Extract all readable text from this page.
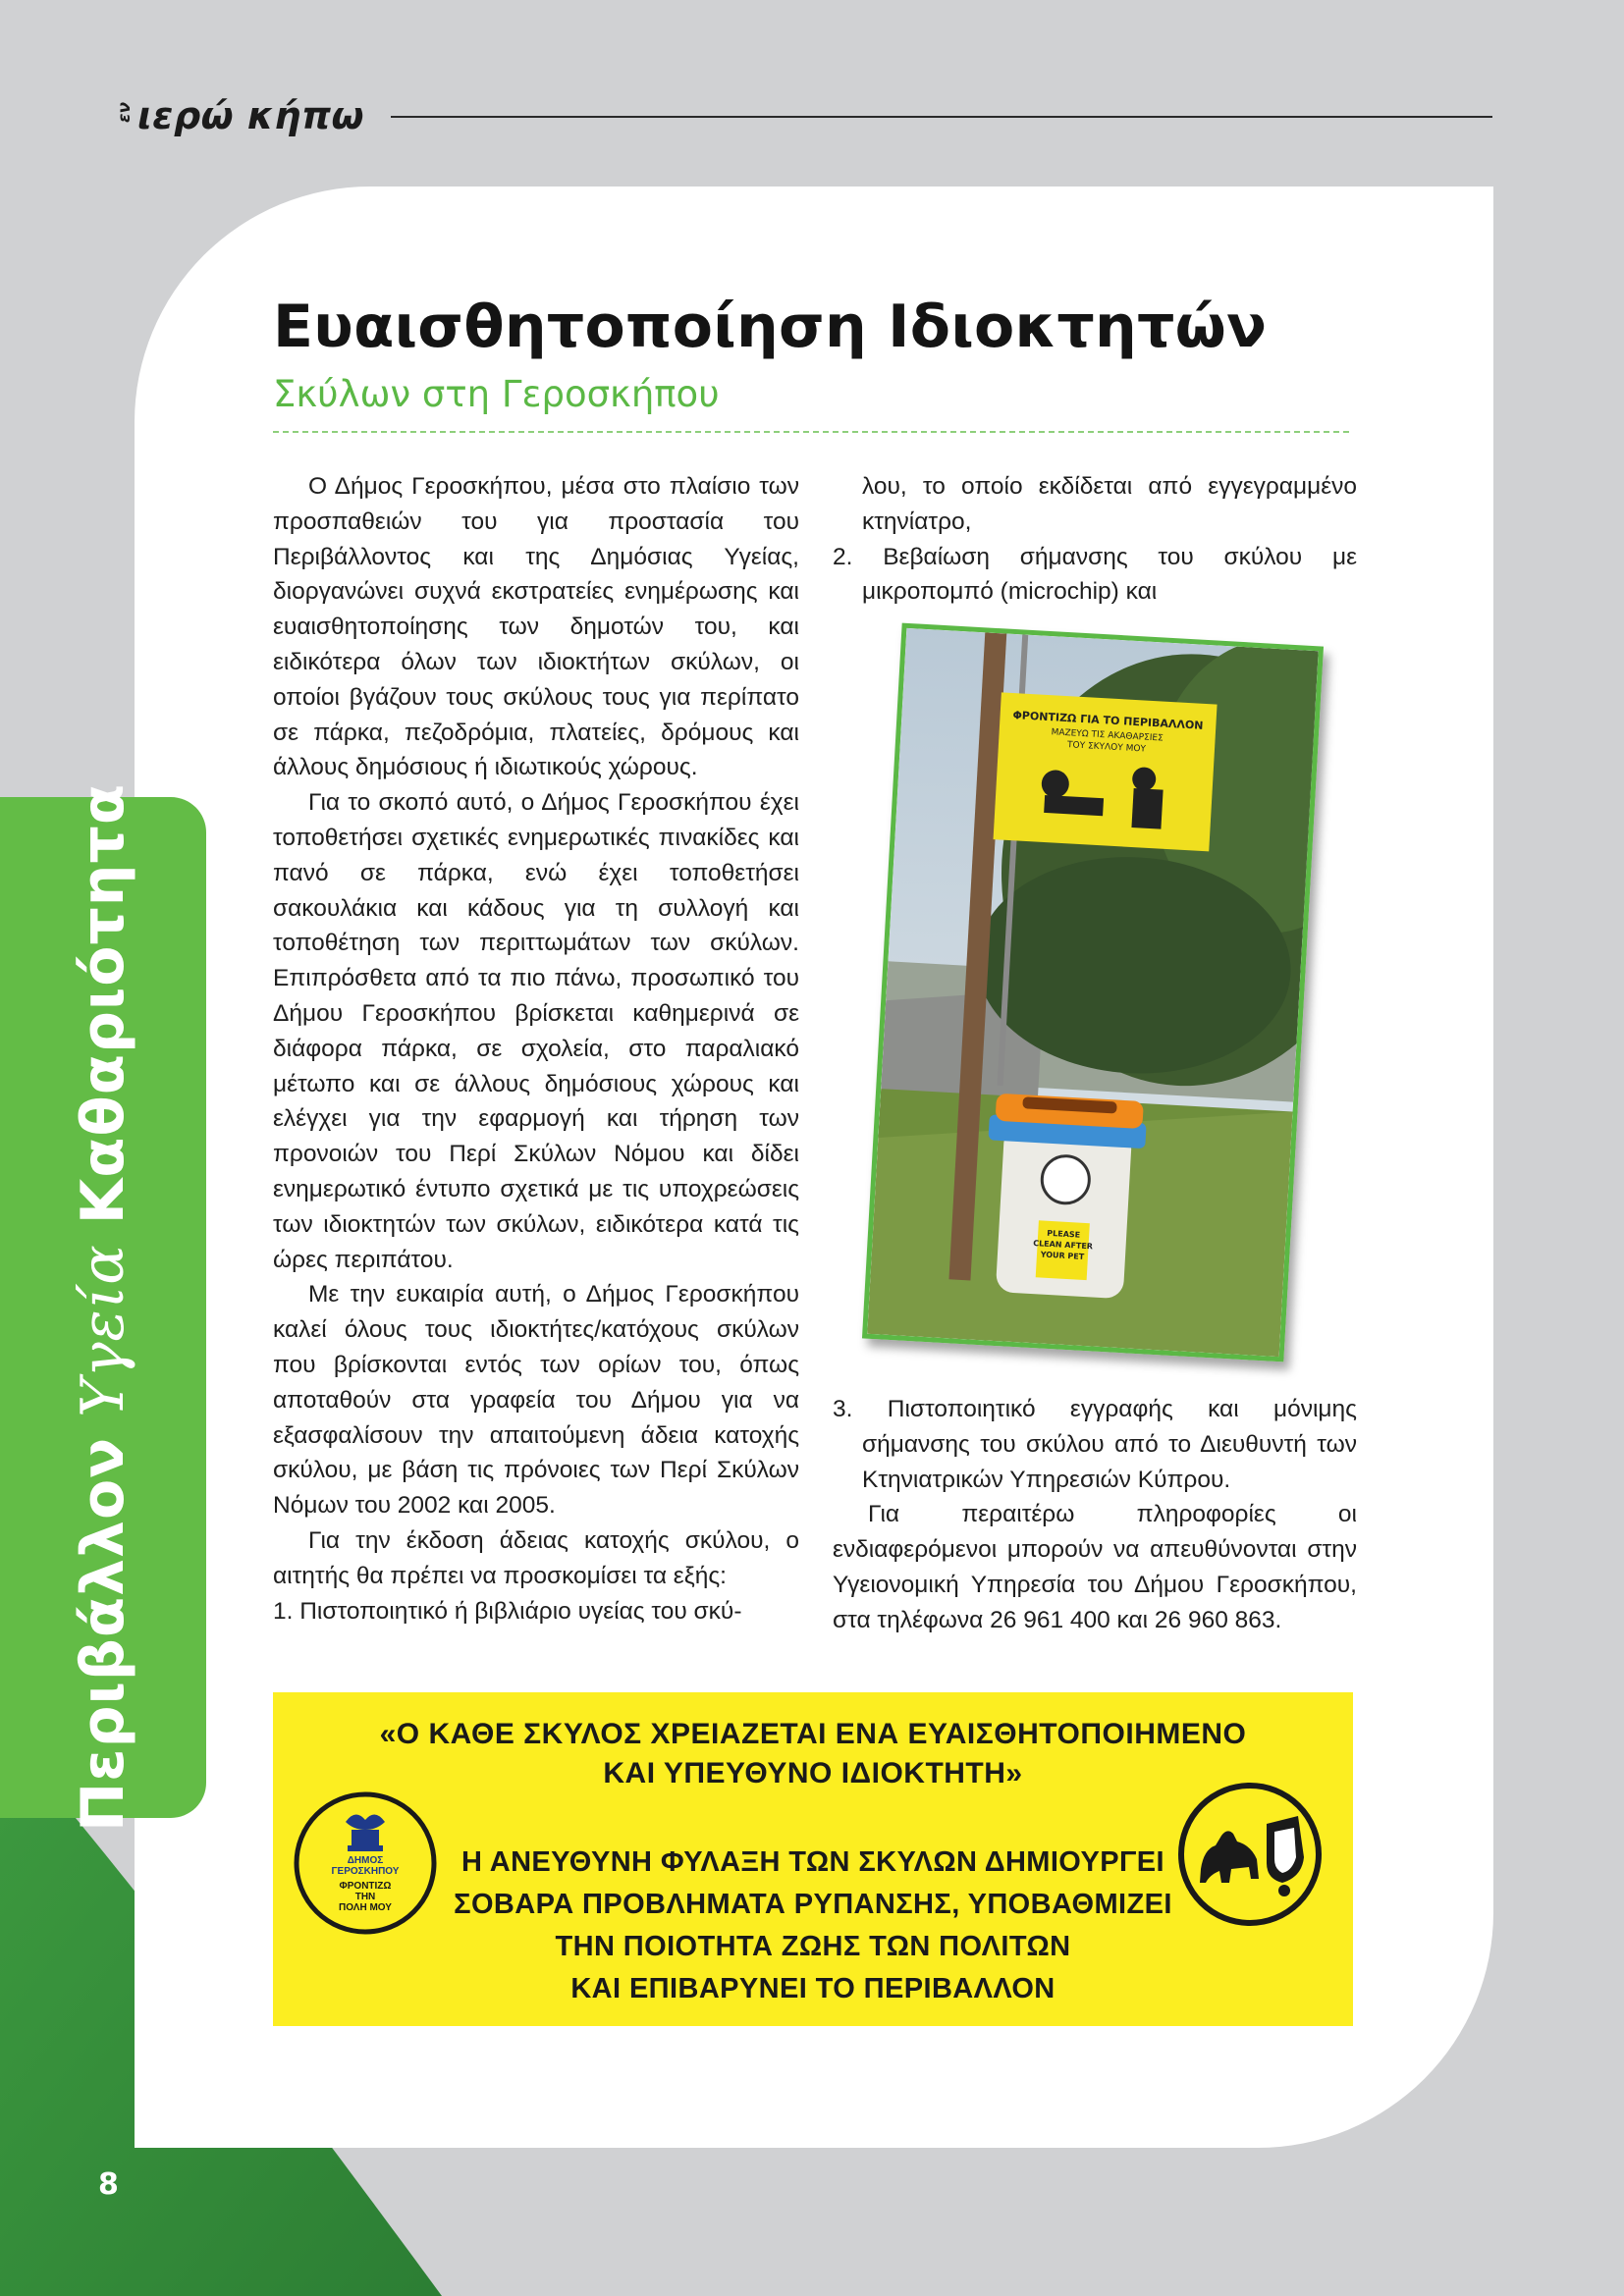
εν ιερώ κήπω
ΠεριβάλλονΥγείαΚαθαριότητα
Ευαισθητοποίηση Ιδιοκτητών
Σκύλων στη Γεροσκήπου

Ο Δήμος Γεροσκήπου, μέσα στο πλαίσιο των προσπαθειών του για προστασία του Περιβάλλοντος και της Δημόσιας Υγείας, διοργανώνει συχνά εκστρατείες ενημέρωσης και ευαισθητοποίησης των δημοτών του, και ειδικότερα όλων των ιδιοκτήτων σκύλων, οι οποίοι βγάζουν τους σκύλους τους για περίπατο σε πάρκα, πεζοδρόμια, πλατείες, δρόμους και άλλους δημόσιους ή ιδιωτικούς χώρους.

Για το σκοπό αυτό, ο Δήμος Γεροσκήπου έχει τοποθετήσει σχετικές ενημερωτικές πινακίδες και πανό σε πάρκα, ενώ έχει τοποθετήσει σακουλάκια και κάδους για τη συλλογή και τοποθέτηση των περιττωμάτων των σκύλων. Επιπρόσθετα από τα πιο πάνω, προσωπικό του Δήμου Γεροσκήπου βρίσκεται καθημερινά σε διάφορα πάρκα, σε σχολεία, στο παραλιακό μέτωπο και σε άλλους δημόσιους χώρους και ελέγχει για την εφαρμογή και τήρηση των προνοιών του Περί Σκύλων Νόμου και δίδει ενημερωτικό έντυπο σχετικά με τις υποχρεώσεις των ιδιοκτητών των σκύλων, ειδικότερα κατά τις ώρες περιπάτου.

Με την ευκαιρία αυτή, ο Δήμος Γεροσκήπου καλεί όλους τους ιδιοκτήτες/κατόχους σκύλων που βρίσκονται εντός των ορίων του, όπως αποταθούν στα γραφεία του Δήμου για να εξασφαλίσουν την απαιτούμενη άδεια κατοχής σκύλου, με βάση τις πρόνοιες των Περί Σκύλων Νόμων του 2002 και 2005.

Για την έκδοση άδειας κατοχής σκύλου, ο αιτητής θα πρέπει να προσκομίσει τα εξής:

1. Πιστοποιητικό ή βιβλιάριο υγείας του σκύ-
λου, το οποίο εκδίδεται από εγγεγραμμένο κτηνίατρο,
2. Βεβαίωση σήμανσης του σκύλου με μικροπομπό (microchip) και
ΦΡΟΝΤΙΖΩ ΓΙΑ ΤΟ ΠΕΡΙΒΑΛΛΟΝ
ΜΑΖΕΥΩ ΤΙΣ ΑΚΑΘΑΡΣΙΕΣ
ΤΟΥ ΣΚΥΛΟΥ ΜΟΥ
PLEASE
CLEAN AFTER
YOUR PET
3. Πιστοποιητικό εγγραφής και μόνιμης σήμανσης του σκύλου από το Διευθυντή των Κτηνιατρικών Υπηρεσιών Κύπρου.

Για περαιτέρω πληροφορίες οι ενδιαφερόμενοι μπορούν να απευθύνονται στην Υγειονομική Υπηρεσία του Δήμου Γεροσκήπου, στα τηλέφωνα 26 961 400 και 26 960 863.

«Ο ΚΑΘΕ ΣΚΥΛΟΣ ΧΡΕΙΑΖΕΤΑΙ ΕΝΑ ΕΥΑΙΣΘΗΤΟΠΟΙΗΜΕΝΟ
ΚΑΙ ΥΠΕΥΘΥΝΟ ΙΔΙΟΚΤΗΤΗ»
Η ΑΝΕΥΘΥΝΗ ΦΥΛΑΞΗ ΤΩΝ ΣΚΥΛΩΝ ΔΗΜΙΟΥΡΓΕΙ
ΣΟΒΑΡΑ ΠΡΟΒΛΗΜΑΤΑ ΡΥΠΑΝΣΗΣ, ΥΠΟΒΑΘΜΙΖΕΙ
ΤΗΝ ΠΟΙΟΤΗΤΑ ΖΩΗΣ ΤΩΝ ΠΟΛΙΤΩΝ
ΚΑΙ ΕΠΙΒΑΡΥΝΕΙ ΤΟ ΠΕΡΙΒΑΛΛΟΝ
ΔΗΜΟΣ
ΓΕΡΟΣΚΗΠΟΥ
ΦΡΟΝΤΙΖΩ
ΤΗΝ
ΠΟΛΗ ΜΟΥ
8
